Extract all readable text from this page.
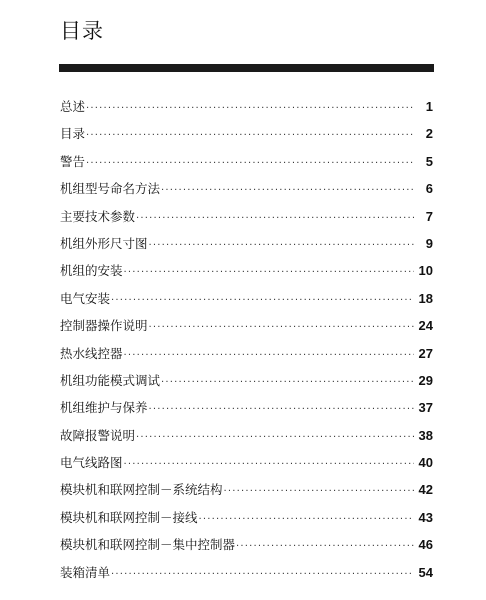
目录
总述 ·····	1
目录 ·····	2
警告 ·····	5
机组型号命名方法 ·····	6
主要技术参数 ·····	7
机组外形尺寸图 ·····	9
机组的安装 ·····	10
电气安装 ·····	18
控制器操作说明 ·····	24
热水线控器 ·····	27
机组功能模式调试 ·····	29
机组维护与保养 ·····	37
故障报警说明 ·····	38
电气线路图 ·····	40
模块机和联网控制－系统结构 ·····	42
模块机和联网控制－接线 ·····	43
模块机和联网控制－集中控制器 ·····	46
装箱清单 ·····	54
